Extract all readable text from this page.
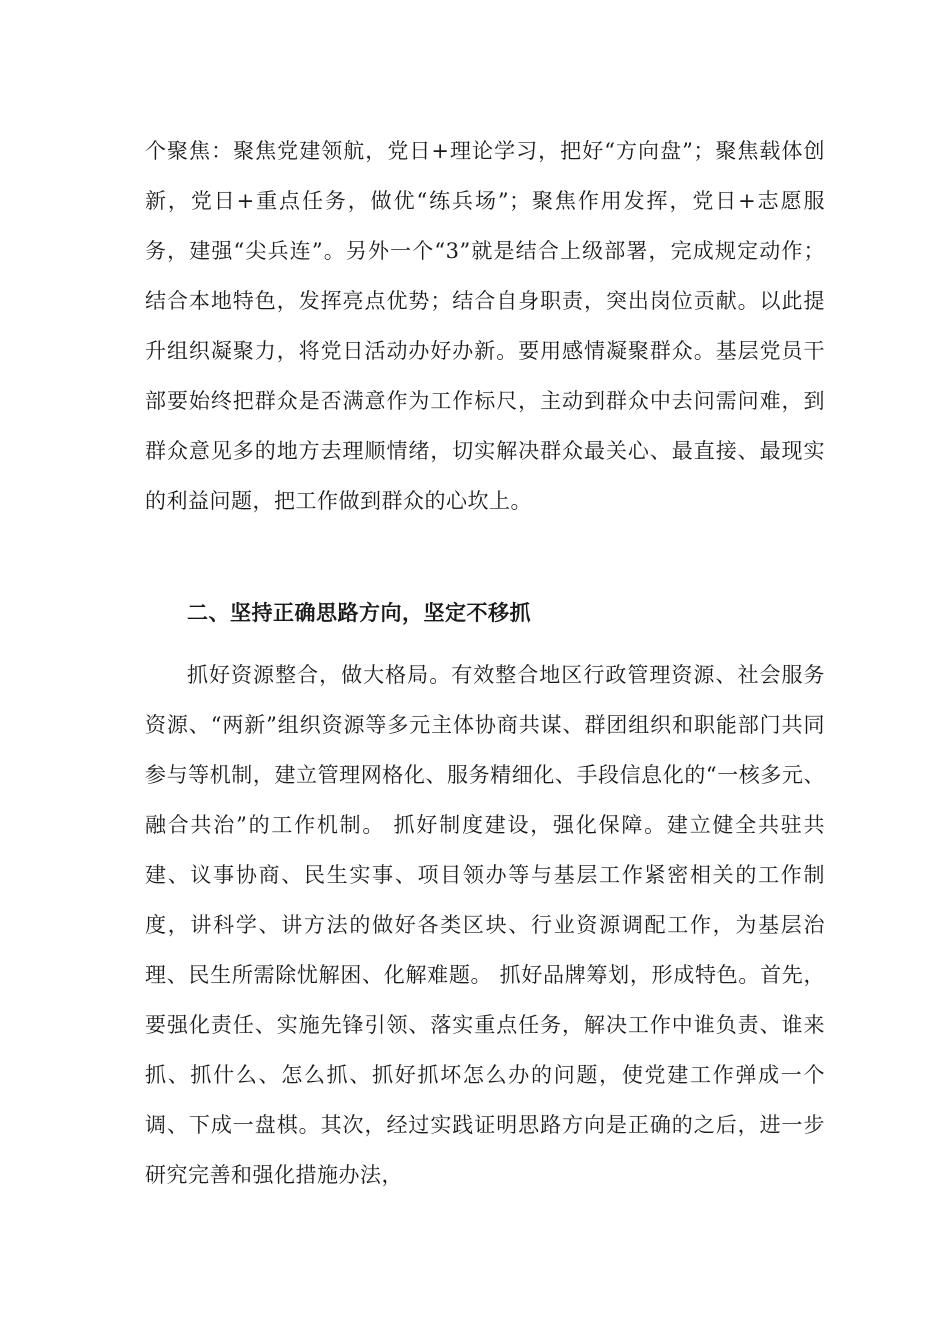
个聚焦：聚焦党建领航，党日+理论学习，把好“方向盘”；聚焦载体创新，党日+重点任务，做优“练兵场”；聚焦作用发挥，党日+志愿服务，建强“尖兵连”。另外一个“3”就是结合上级部署，完成规定动作；结合本地特色，发挥亮点优势；结合自身职责，突出岗位贡献。以此提升组织凝聚力，将党日活动办好办新。要用感情凝聚群众。基层党员干部要始终把群众是否满意作为工作标尺，主动到群众中去问需问难，到群众意见多的地方去理顺情绪，切实解决群众最关心、最直接、最现实的利益问题，把工作做到群众的心坎上。

二、坚持正确思路方向，坚定不移抓

抓好资源整合，做大格局。有效整合地区行政管理资源、社会服务资源、“两新”组织资源等多元主体协商共谋、群团组织和职能部门共同参与等机制，建立管理网格化、服务精细化、手段信息化的“一核多元、融合共治”的工作机制。 抓好制度建设，强化保障。建立健全共驻共建、议事协商、民生实事、项目领办等与基层工作紧密相关的工作制度，讲科学、讲方法的做好各类区块、行业资源调配工作，为基层治理、民生所需除忧解困、化解难题。 抓好品牌筹划，形成特色。首先，要强化责任、实施先锋引领、落实重点任务，解决工作中谁负责、谁来抓、抓什么、怎么抓、抓好抓坏怎么办的问题，使党建工作弹成一个调、下成一盘棋。其次，经过实践证明思路方向是正确的之后，进一步研究完善和强化措施办法，
